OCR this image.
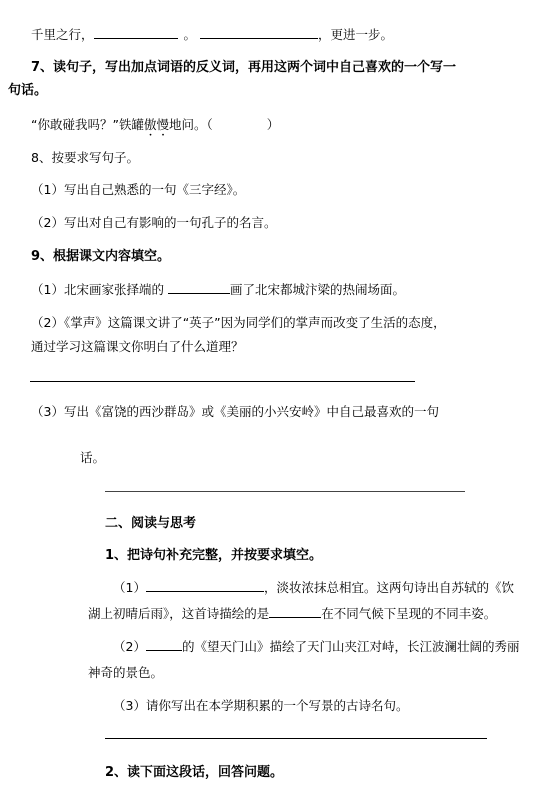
千里之行，	。	，更进一步。
7、读句子，写出加点词语的反义词，再用这两个词中自己喜欢的一个写一
句话。
“你敢碰我吗？”铁罐傲慢地问。（	）
8、按要求写句子。
（1）写出自己熟悉的一句《三字经》。
（2）写出对自己有影响的一句孔子的名言。
9、根据课文内容填空。
（1）北宋画家张择端的	画了北宋都城汴梁的热闹场面。
（2）《掌声》这篇课文讲了“英子”因为同学们的掌声而改变了生活的态度，
通过学习这篇课文你明白了什么道理？
（3）写出《富饶的西沙群岛》或《美丽的小兴安岭》中自己最喜欢的一句
话。
二、阅读与思考
1、把诗句补充完整，并按要求填空。
（1）	，淡妆浓抹总相宜。这两句诗出自苏轼的《饮
湖上初晴后雨》，这首诗描绘的是	在不同气候下呈现的不同丰姿。
（2）	的《望天门山》描绘了天门山夹江对峙，长江波澜壮阔的秀丽
神奇的景色。
（3）请你写出在本学期积累的一个写景的古诗名句。
2、读下面这段话，回答问题。
